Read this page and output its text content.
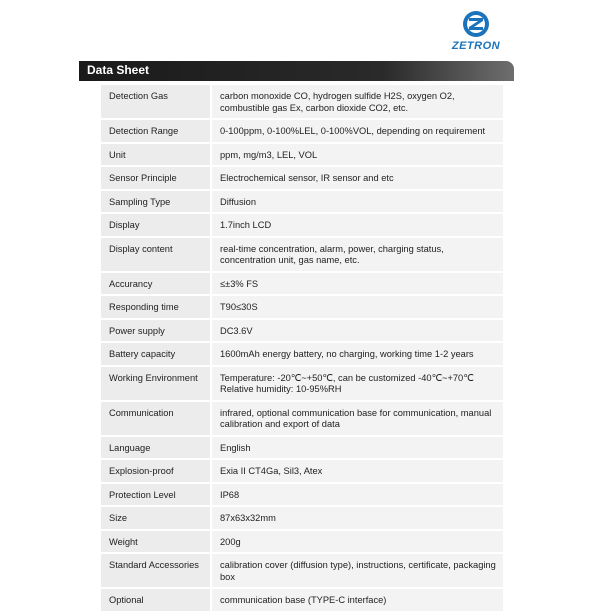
ZETRON
Data Sheet
Detection Gas	carbon monoxide CO, hydrogen sulfide H2S, oxygen O2, combustible gas Ex, carbon dioxide CO2, etc.
Detection Range	0-100ppm, 0-100%LEL, 0-100%VOL, depending on requirement
Unit	ppm, mg/m3, LEL, VOL
Sensor Principle	Electrochemical sensor, IR sensor and etc
Sampling Type	Diffusion
Display	1.7inch LCD
Display content	real-time concentration, alarm, power, charging status, concentration unit, gas name, etc.
Accurancy	≤±3% FS
Responding time	T90≤30S
Power supply	DC3.6V
Battery capacity	1600mAh energy battery, no charging, working time 1-2 years
Working Environment	Temperature: -20℃~+50℃, can be customized -40℃~+70℃ Relative humidity: 10-95%RH
Communication	infrared, optional communication base for communication, manual calibration and export of data
Language	English
Explosion-proof	Exia II CT4Ga, Sil3, Atex
Protection Level	IP68
Size	87x63x32mm
Weight	200g
Standard Accessories	calibration cover (diffusion type), instructions, certificate, packaging box
Optional	communication base (TYPE-C interface)
